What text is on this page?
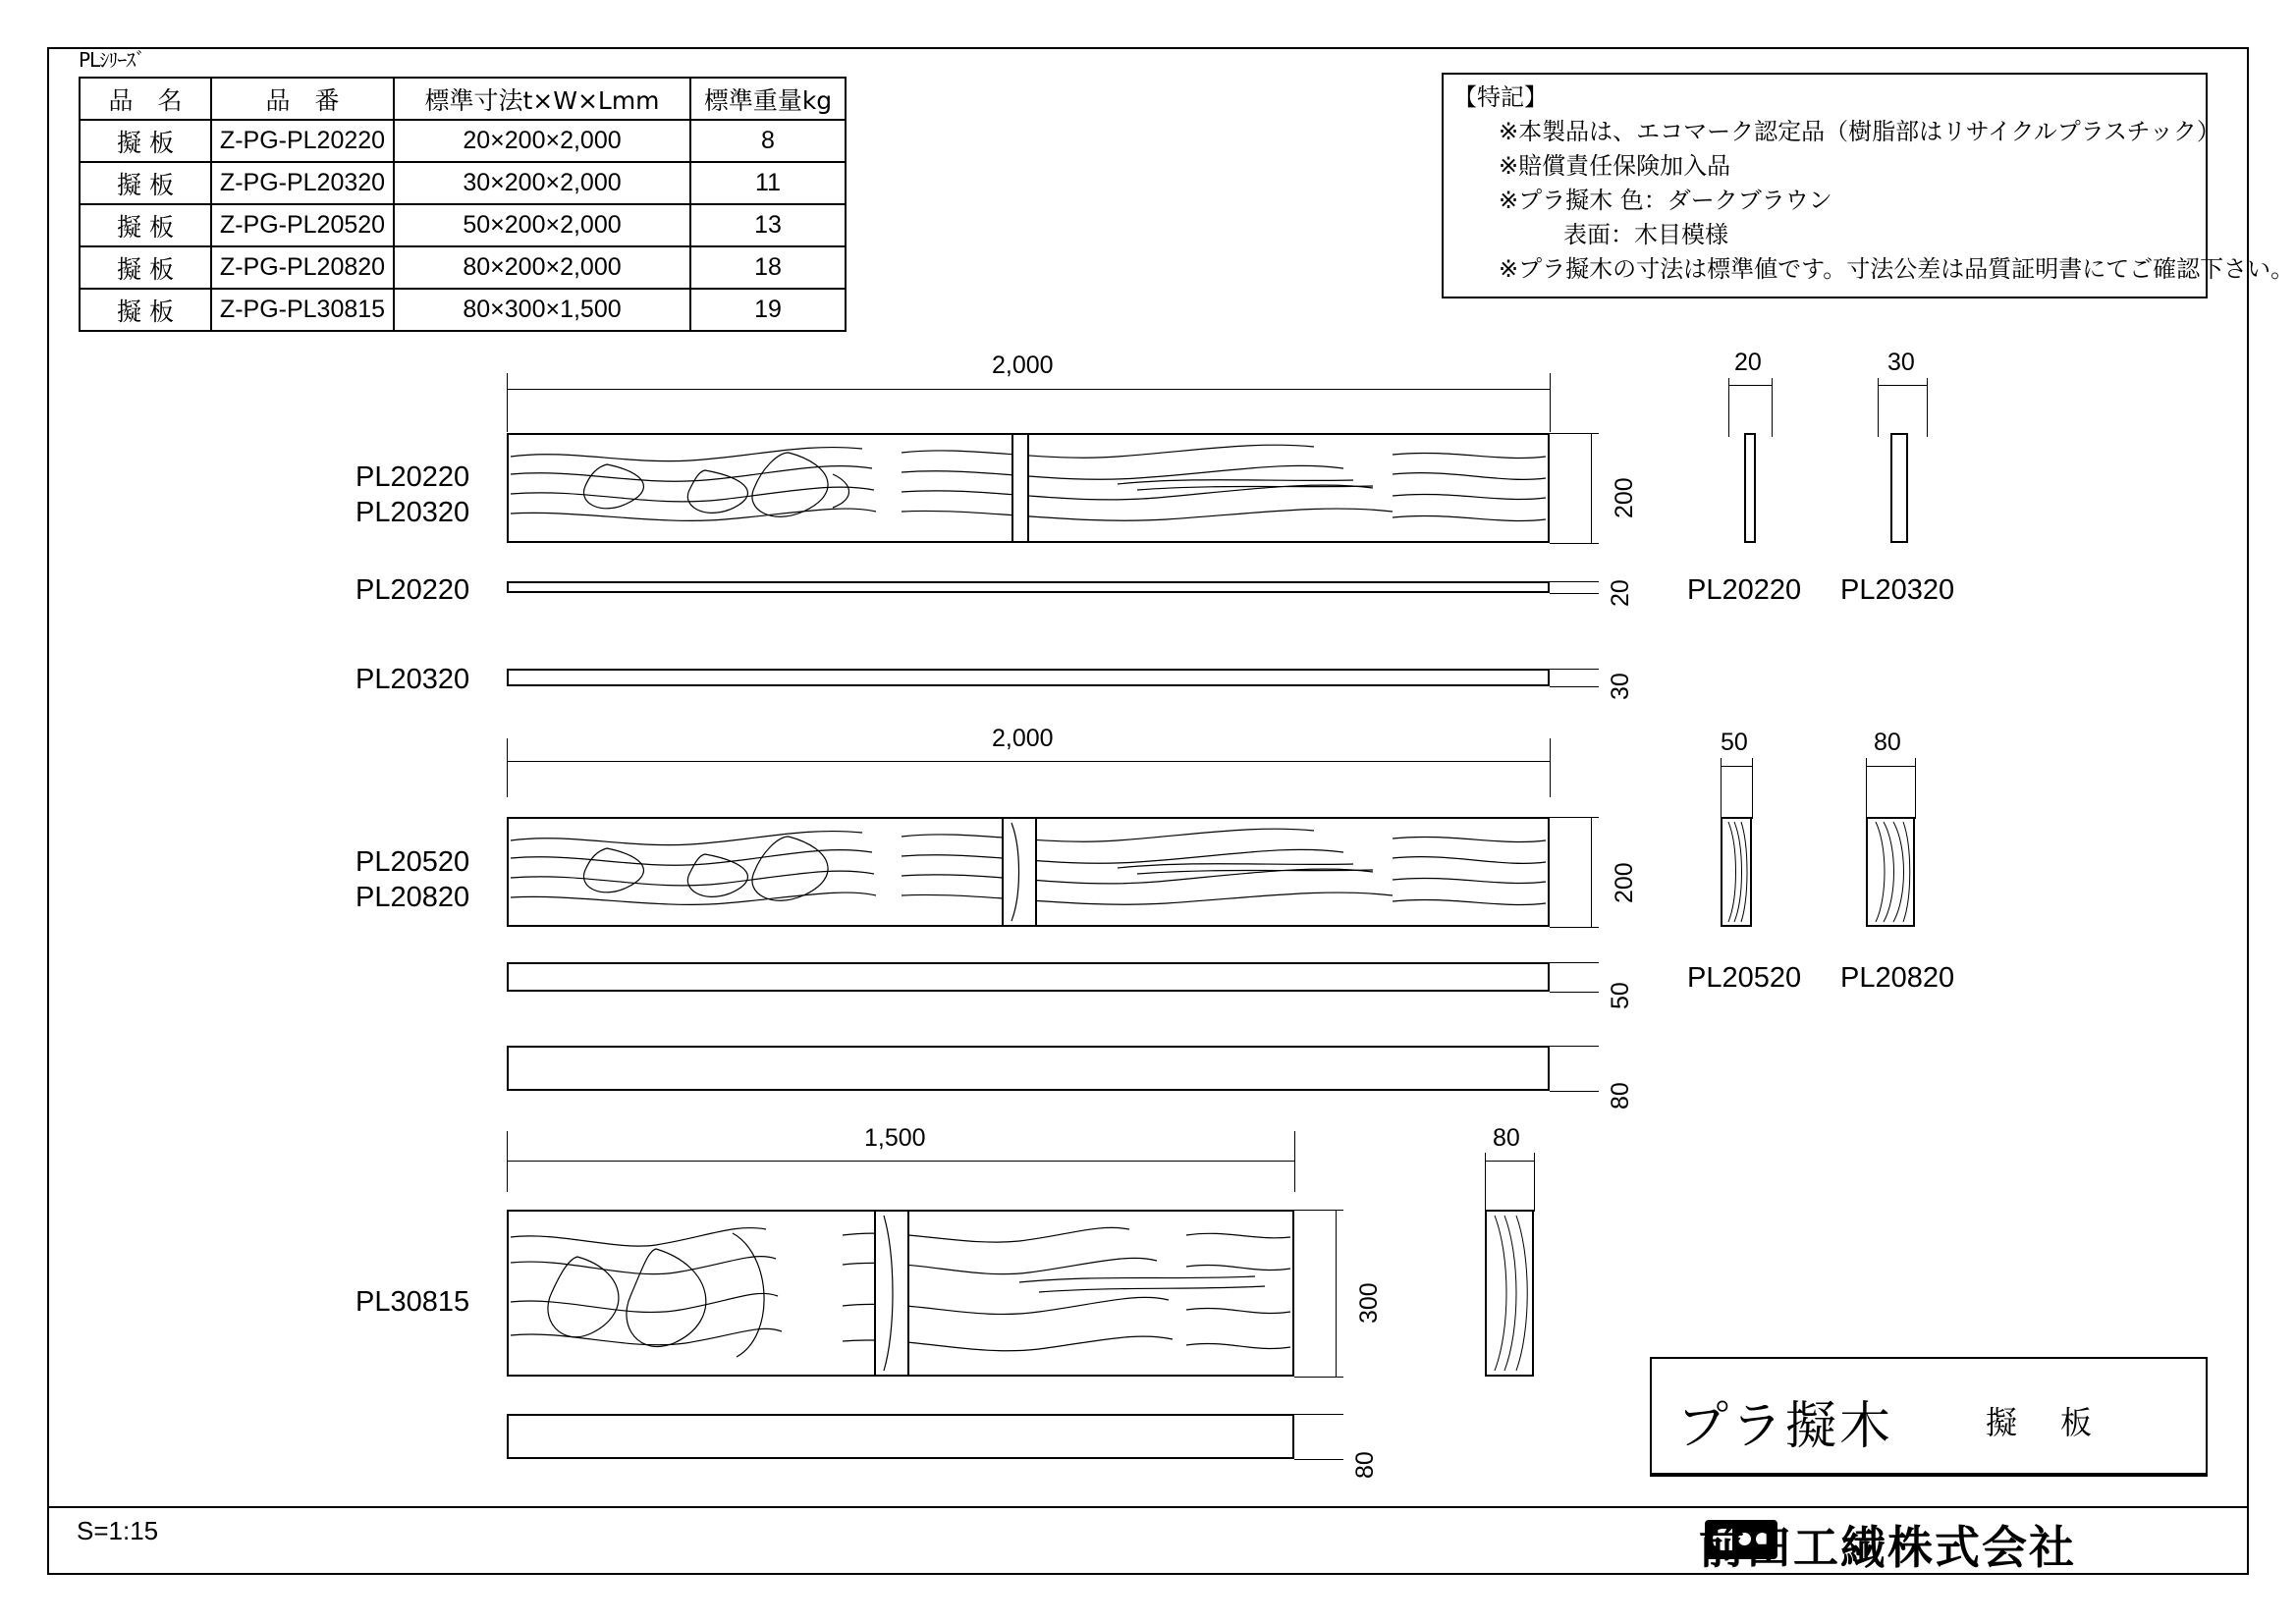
PLｼﾘｰｽﾞ
品　名	品　番	標準寸法t×W×Lmm	標準重量kg
擬 板	Z-PG-PL20220	20×200×2,000	8
擬 板	Z-PG-PL20320	30×200×2,000	11
擬 板	Z-PG-PL20520	50×200×2,000	13
擬 板	Z-PG-PL20820	80×200×2,000	18
擬 板	Z-PG-PL30815	80×300×1,500	19
【特記】
※本製品は、エコマーク認定品（樹脂部はリサイクルプラスチック）
※賠償責任保険加入品
※プラ擬木 色：ダークブラウン
表面：木目模様
※プラ擬木の寸法は標準値です。寸法公差は品質証明書にてご確認下さい。
2,000
200
PL20220
PL20320
20
PL20220
30
PL20320
20
PL20220
30
PL20320
2,000
200
PL20520
PL20820
50
80
50
PL20520
80
PL20820
1,500
300
PL30815
80
80
プラ擬木	擬　板
前田工繊株式会社
S=1:15
